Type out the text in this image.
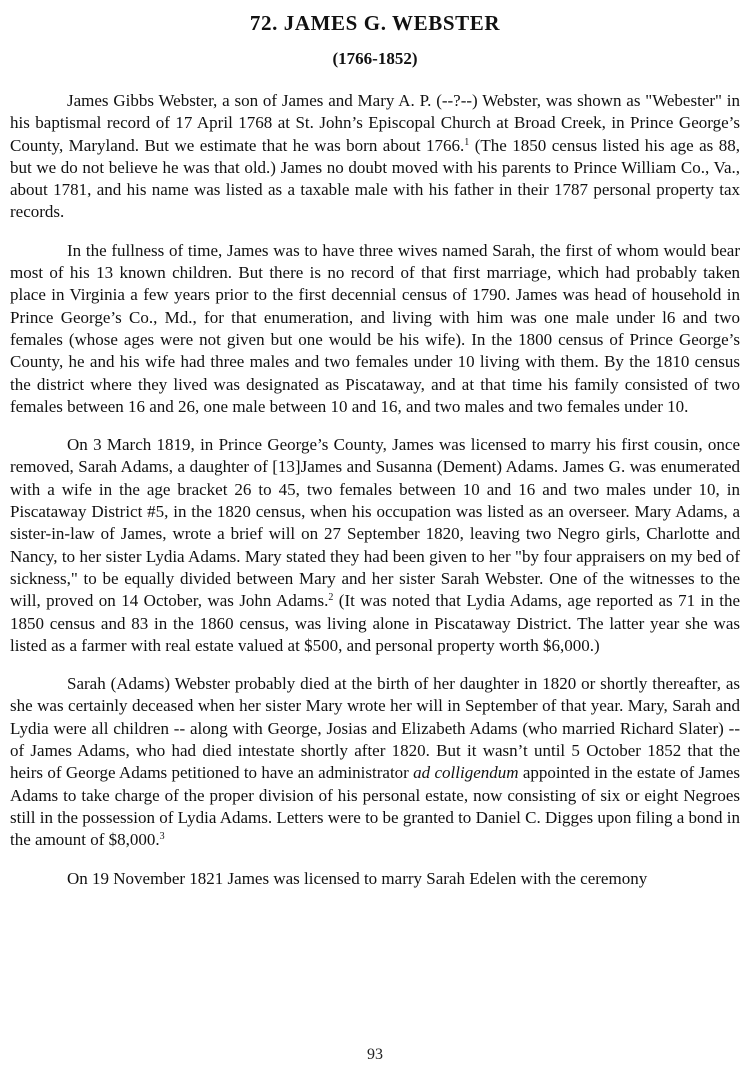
72. JAMES G. WEBSTER
(1766-1852)

James Gibbs Webster, a son of James and Mary A. P. (--?--) Webster, was shown as "Webester" in his baptismal record of 17 April 1768 at St. John’s Episcopal Church at Broad Creek, in Prince George’s County, Maryland. But we estimate that he was born about 1766.$^1$ (The 1850 census listed his age as 88, but we do not believe he was that old.) James no doubt moved with his parents to Prince William Co., Va., about 1781, and his name was listed as a taxable male with his father in their 1787 personal property tax records.

In the fullness of time, James was to have three wives named Sarah, the first of whom would bear most of his 13 known children. But there is no record of that first marriage, which had probably taken place in Virginia a few years prior to the first decennial census of 1790. James was head of household in Prince George’s Co., Md., for that enumeration, and living with him was one male under l6 and two females (whose ages were not given but one would be his wife). In the 1800 census of Prince George’s County, he and his wife had three males and two females under 10 living with them. By the 1810 census the district where they lived was designated as Piscataway, and at that time his family consisted of two females between 16 and 26, one male between 10 and 16, and two males and two females under 10.

On 3 March 1819, in Prince George’s County, James was licensed to marry his first cousin, once removed, Sarah Adams, a daughter of [13]James and Susanna (Dement) Adams. James G. was enumerated with a wife in the age bracket 26 to 45, two females between 10 and 16 and two males under 10, in Piscataway District #5, in the 1820 census, when his occupation was listed as an overseer. Mary Adams, a sister-in-law of James, wrote a brief will on 27 September 1820, leaving two Negro girls, Charlotte and Nancy, to her sister Lydia Adams. Mary stated they had been given to her "by four appraisers on my bed of sickness," to be equally divided between Mary and her sister Sarah Webster. One of the witnesses to the will, proved on 14 October, was John Adams.$^2$ (It was noted that Lydia Adams, age reported as 71 in the 1850 census and 83 in the 1860 census, was living alone in Piscataway District. The latter year she was listed as a farmer with real estate valued at $500, and personal property worth $6,000.)

Sarah (Adams) Webster probably died at the birth of her daughter in 1820 or shortly thereafter, as she was certainly deceased when her sister Mary wrote her will in September of that year. Mary, Sarah and Lydia were all children -- along with George, Josias and Elizabeth Adams (who married Richard Slater) -- of James Adams, who had died intestate shortly after 1820. But it wasn’t until 5 October 1852 that the heirs of George Adams petitioned to have an administrator ad colligendum appointed in the estate of James Adams to take charge of the proper division of his personal estate, now consisting of six or eight Negroes still in the possession of Lydia Adams. Letters were to be granted to Daniel C. Digges upon filing a bond in the amount of $8,000.$^3$

On 19 November 1821 James was licensed to marry Sarah Edelen with the ceremony

93
